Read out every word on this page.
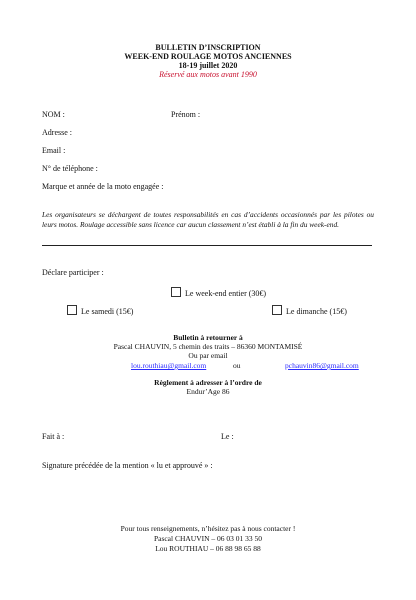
BULLETIN D’INSCRIPTION
WEEK-END ROULAGE MOTOS ANCIENNES
18-19 juillet 2020
Réservé aux motos avant 1990
NOM :	Prénom :
Adresse :
Email :
N° de téléphone :
Marque et année de la moto engagée :
Les organisateurs se déchargent de toutes responsabilités en cas d’accidents occasionnés par les pilotes ou leurs motos. Roulage accessible sans licence car aucun classement n’est établi à la fin du week-end.
Déclare participer :
Le week-end entier (30€)
Le samedi (15€)	Le dimanche (15€)
Bulletin à retourner à
Pascal CHAUVIN, 5 chemin des traits – 86360 MONTAMISÉ
Ou par email
lou.routhiau@gmail.com	ou	pchauvin86@gmail.com
Règlement à adresser à l’ordre de
Endur’Age 86
Fait à :	Le :
Signature précédée de la mention « lu et approuvé » :
Pour tous renseignements, n’hésitez pas à nous contacter !
Pascal CHAUVIN – 06 03 01 33 50
Lou ROUTHIAU – 06 88 98 65 88
